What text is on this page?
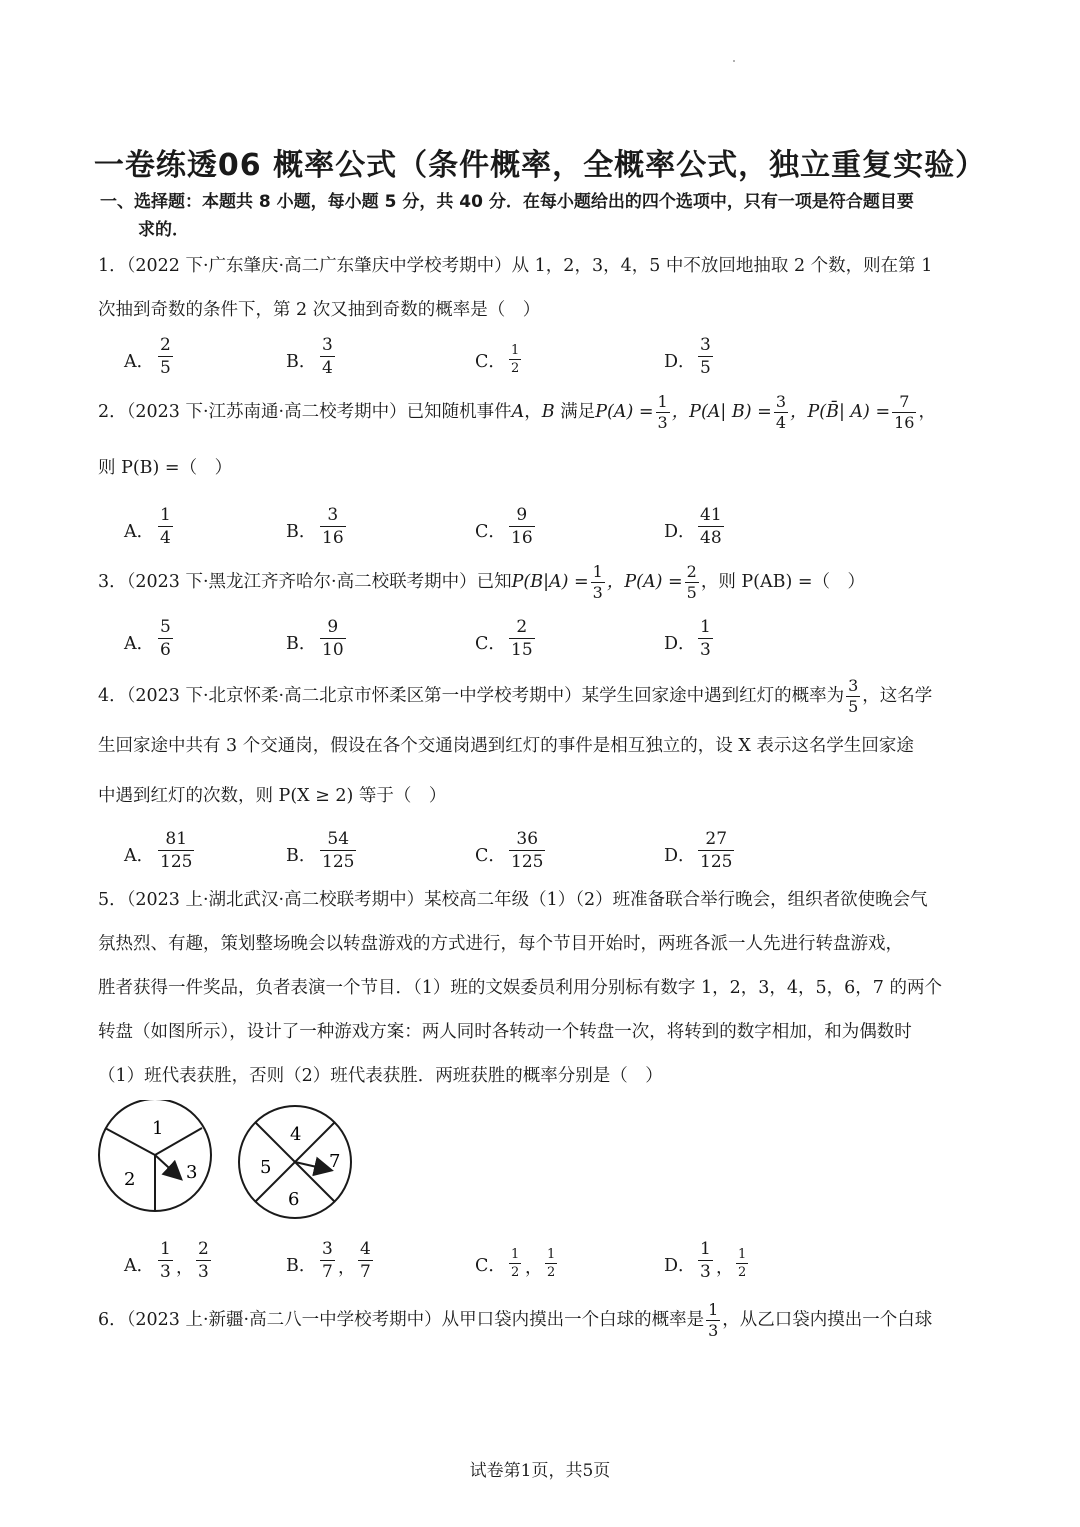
一卷练透06 概率公式（条件概率，全概率公式，独立重复实验）
一、选择题：本题共 8 小题，每小题 5 分，共 40 分．在每小题给出的四个选项中，只有一项是符合题目要
求的．
1．（2022 下·广东肇庆·高二广东肇庆中学校考期中）从 1，2，3，4，5 中不放回地抽取 2 个数，则在第 1
次抽到奇数的条件下，第 2 次又抽到奇数的概率是（　）
A． $\frac{2}{5}$	B． $\frac{3}{4}$	C． $\frac{1}{2}$	D． $\frac{3}{5}$
2．（2023 下·江苏南通·高二校考期中）已知随机事件A，B 满足$P(A) = \frac{1}{3}$ ，P(A| $B) = \frac{3}{4}$ ，P(B̄| $A) = \frac{7}{16}$ ，
则 P(B) =（　）
A． $\frac{1}{4}$	B． $\frac{3}{16}$	C． $\frac{9}{16}$	D． $\frac{41}{48}$
3．（2023 下·黑龙江齐齐哈尔·高二校联考期中）已知$P(B|A) = \frac{1}{3}$ ，$P(A) = \frac{2}{5}$ ，则 P(AB) =（　）
A． $\frac{5}{6}$	B． $\frac{9}{10}$	C． $\frac{2}{15}$	D． $\frac{1}{3}$
4．（2023 下·北京怀柔·高二北京市怀柔区第一中学校考期中）某学生回家途中遇到红灯的概率为 $\frac{3}{5}$ ，这名学
生回家途中共有 3 个交通岗，假设在各个交通岗遇到红灯的事件是相互独立的，设 X 表示这名学生回家途
中遇到红灯的次数，则 P(X ≥ 2) 等于（　）
A． $\frac{81}{125}$	B． $\frac{54}{125}$	C． $\frac{36}{125}$	D． $\frac{27}{125}$
5．（2023 上·湖北武汉·高二校联考期中）某校高二年级（1）（2）班准备联合举行晚会，组织者欲使晚会气
氛热烈、有趣，策划整场晚会以转盘游戏的方式进行，每个节目开始时，两班各派一人先进行转盘游戏，
胜者获得一件奖品，负者表演一个节目．（1）班的文娱委员利用分别标有数字 1，2，3，4，5，6，7 的两个
转盘（如图所示），设计了一种游戏方案：两人同时各转动一个转盘一次，将转到的数字相加，和为偶数时
（1）班代表获胜，否则（2）班代表获胜．两班获胜的概率分别是（　）
1
2	3
4
5
6
7
A． $\frac{1}{3}$ ， $\frac{2}{3}$	B． $\frac{3}{7}$ ， $\frac{4}{7}$	C． $\frac{1}{2}$ ， $\frac{1}{2}$	D． $\frac{1}{3}$ ， $\frac{1}{2}$
6．（2023 上·新疆·高二八一中学校考期中）从甲口袋内摸出一个白球的概率是 $\frac{1}{3}$ ，从乙口袋内摸出一个白球
试卷第1页，共5页
